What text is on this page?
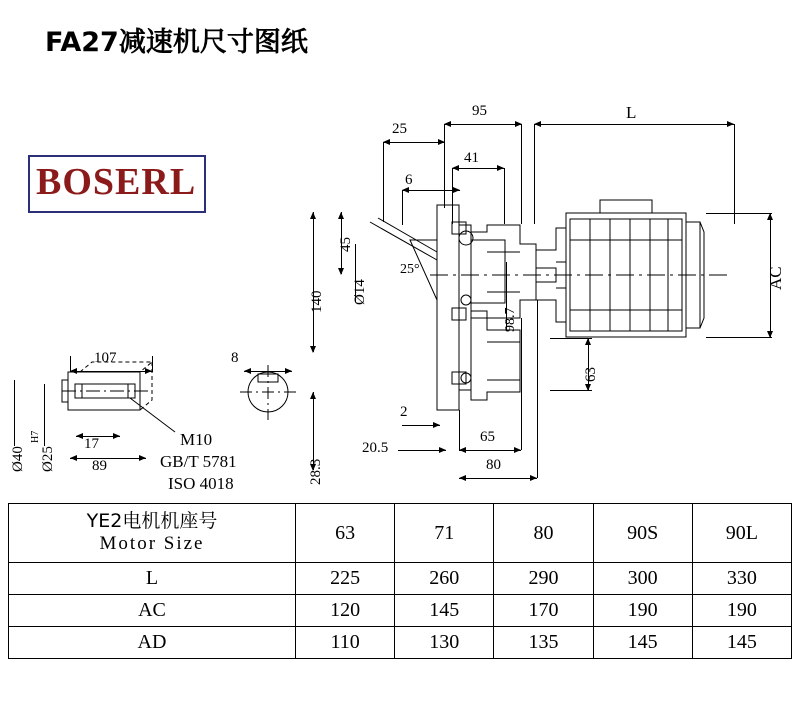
FA27减速机尺寸图纸
BOSERL
95	L
25
41
6
45
140 Ø14
25°
98.7
AC
63
2
20.5
65
80
107	8
17
89
Ø40 Ø25
H7
28.3
M10
GB/T 5781
ISO 4018
YE2电机机座号
Motor Size	63	71	80	90S	90L
L	225	260	290	300	330
AC	120	145	170	190	190
AD	110	130	135	145	145
